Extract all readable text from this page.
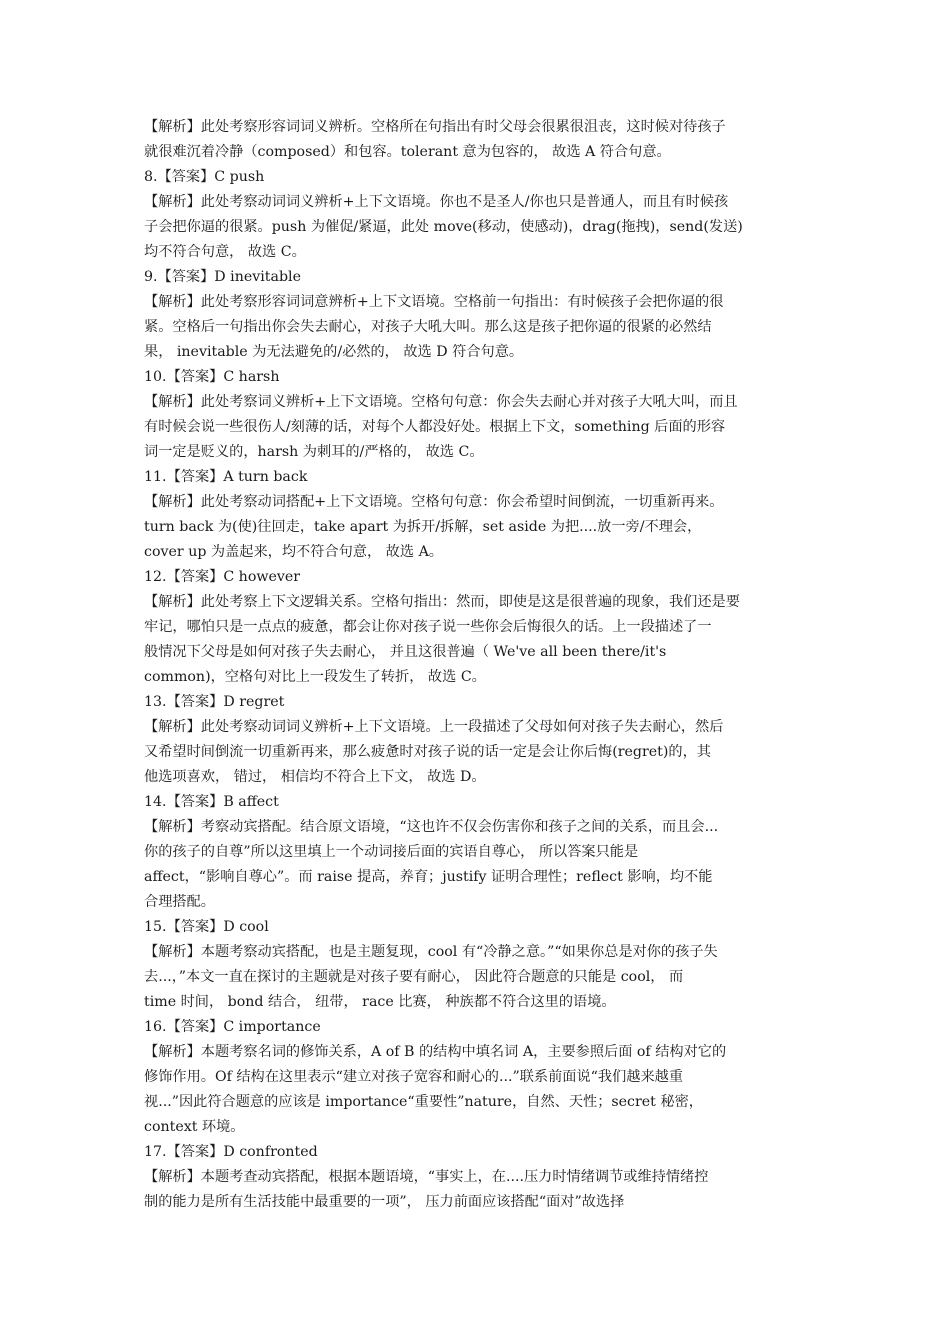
【解析】此处考察形容词词义辨析。空格所在句指出有时父母会很累很沮丧，这时候对待孩子
就很难沉着冷静（composed）和包容。tolerant 意为包容的， 故选 A 符合句意。
8.【答案】C push
【解析】此处考察动词词义辨析+上下文语境。你也不是圣人/你也只是普通人，而且有时候孩
子会把你逼的很紧。push 为催促/紧逼，此处 move(移动，使感动)，drag(拖拽)，send(发送)
均不符合句意， 故选 C。
9.【答案】D inevitable
【解析】此处考察形容词词意辨析+上下文语境。空格前一句指出：有时候孩子会把你逼的很
紧。空格后一句指出你会失去耐心，对孩子大吼大叫。那么这是孩子把你逼的很紧的必然结
果， inevitable 为无法避免的/必然的， 故选 D 符合句意。
10.【答案】C harsh
【解析】此处考察词义辨析+上下文语境。空格句句意：你会失去耐心并对孩子大吼大叫，而且
有时候会说一些很伤人/刻薄的话，对每个人都没好处。根据上下文，something 后面的形容
词一定是贬义的，harsh 为刺耳的/严格的， 故选 C。
11.【答案】A turn back
【解析】此处考察动词搭配+上下文语境。空格句句意：你会希望时间倒流，一切重新再来。
turn back 为(使)往回走，take apart 为拆开/拆解，set aside 为把....放一旁/不理会，
cover up 为盖起来，均不符合句意， 故选 A。
12.【答案】C however
【解析】此处考察上下文逻辑关系。空格句指出：然而，即使是这是很普遍的现象，我们还是要
牢记，哪怕只是一点点的疲惫，都会让你对孩子说一些你会后悔很久的话。上一段描述了一
般情况下父母是如何对孩子失去耐心， 并且这很普遍（ We've all been there/it's
common)，空格句对比上一段发生了转折， 故选 C。
13.【答案】D regret
【解析】此处考察动词词义辨析+上下文语境。上一段描述了父母如何对孩子失去耐心，然后
又希望时间倒流一切重新再来，那么疲惫时对孩子说的话一定是会让你后悔(regret)的，其
他选项喜欢， 错过， 相信均不符合上下文， 故选 D。
14.【答案】B affect
【解析】考察动宾搭配。结合原文语境，“这也许不仅会伤害你和孩子之间的关系，而且会...
你的孩子的自尊”所以这里填上一个动词接后面的宾语自尊心， 所以答案只能是
affect，“影响自尊心”。而 raise 提高，养育；justify 证明合理性；reflect 影响，均不能
合理搭配。
15.【答案】D cool
【解析】本题考察动宾搭配，也是主题复现，cool 有“冷静之意。”“如果你总是对你的孩子失
去...，”本文一直在探讨的主题就是对孩子要有耐心， 因此符合题意的只能是 cool， 而
time 时间， bond 结合， 纽带， race 比赛， 种族都不符合这里的语境。
16.【答案】C importance
【解析】本题考察名词的修饰关系，A of B 的结构中填名词 A，主要参照后面 of 结构对它的
修饰作用。Of 结构在这里表示“建立对孩子宽容和耐心的...”联系前面说“我们越来越重
视...”因此符合题意的应该是 importance“重要性”nature，自然、天性；secret 秘密，
context 环境。
17.【答案】D confronted
【解析】本题考查动宾搭配，根据本题语境，“事实上，在....压力时情绪调节或维持情绪控
制的能力是所有生活技能中最重要的一项”， 压力前面应该搭配“面对”故选择
